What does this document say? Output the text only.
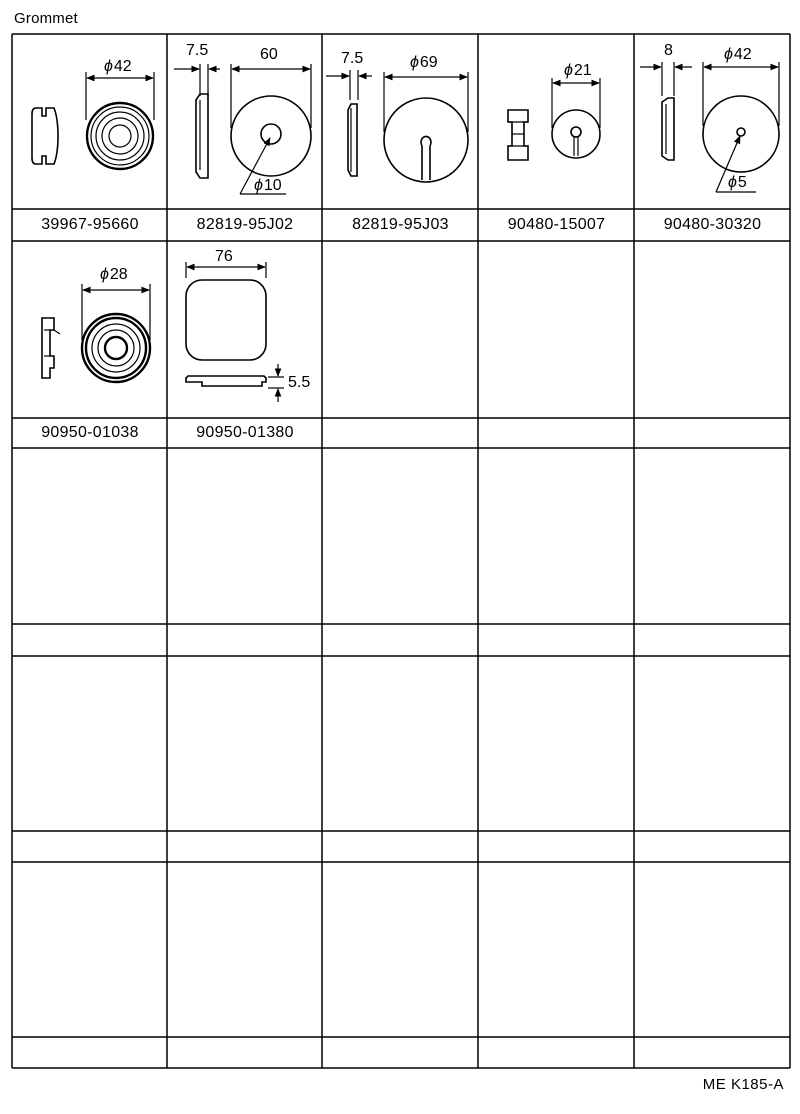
Grommet
ϕ 42
7.5	60
ϕ 10
7.5	ϕ 69	ϕ 21
8	ϕ 42
ϕ 5
ϕ 28
76
5.5
39967-95660	82819-95J02	82819-95J03	90480-15007	90480-30320
90950-01038	90950-01380
ME K185-A
